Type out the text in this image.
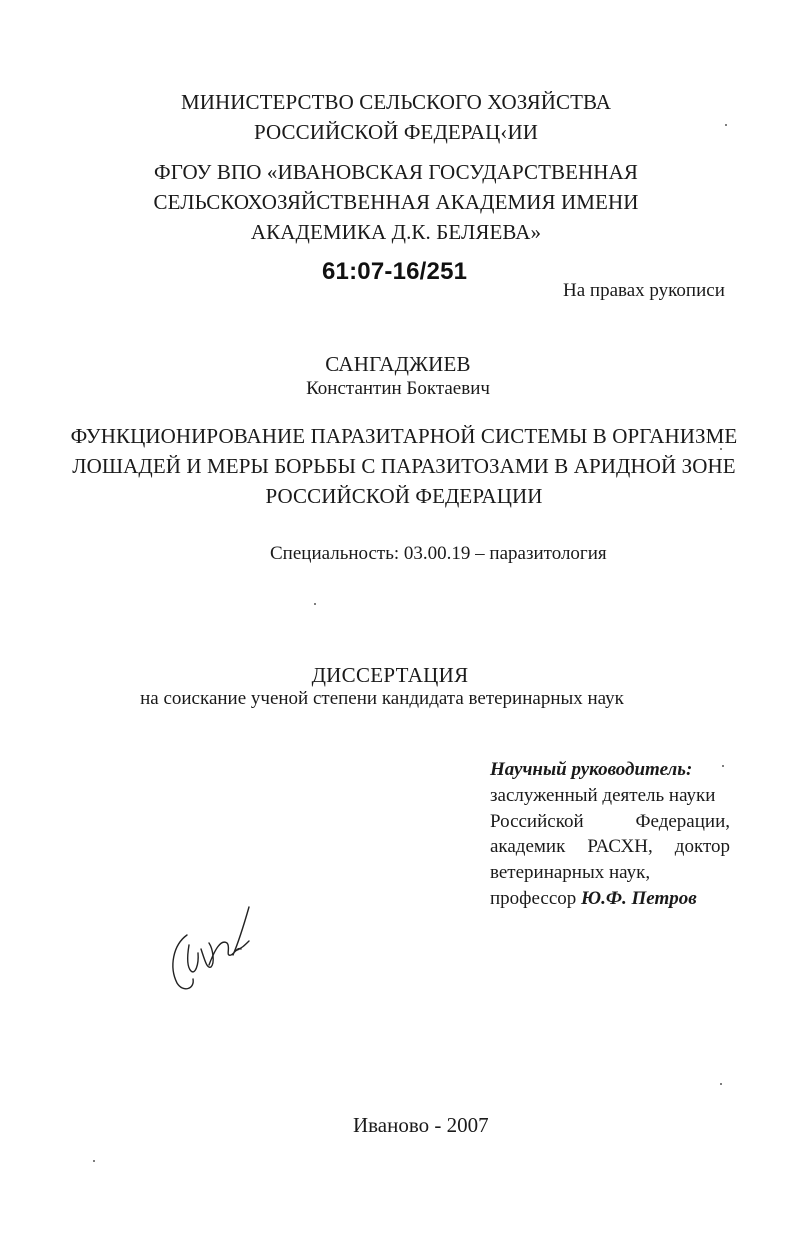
МИНИСТЕРСТВО СЕЛЬСКОГО ХОЗЯЙСТВА
РОССИЙСКОЙ ФЕДЕРАЦ‹ИИ
ФГОУ ВПО «ИВАНОВСКАЯ ГОСУДАРСТВЕННАЯ
СЕЛЬСКОХОЗЯЙСТВЕННАЯ АКАДЕМИЯ ИМЕНИ
АКАДЕМИКА Д.К. БЕЛЯЕВА»
61:07-16/251
На правах рукописи
САНГАДЖИЕВ
Константин Боктаевич
ФУНКЦИОНИРОВАНИЕ ПАРАЗИТАРНОЙ СИСТЕМЫ В ОРГАНИЗМЕ
ЛОШАДЕЙ И МЕРЫ БОРЬБЫ С ПАРАЗИТОЗАМИ В АРИДНОЙ ЗОНЕ
РОССИЙСКОЙ ФЕДЕРАЦИИ
Специальность: 03.00.19 – паразитология
ДИССЕРТАЦИЯ
на соискание ученой степени кандидата ветеринарных наук
Научный руководитель:
заслуженный деятель науки
Российской	Федерации,
академик РАСХН, доктор
ветеринарных наук,
профессор Ю.Ф. Петров
Иваново - 2007
